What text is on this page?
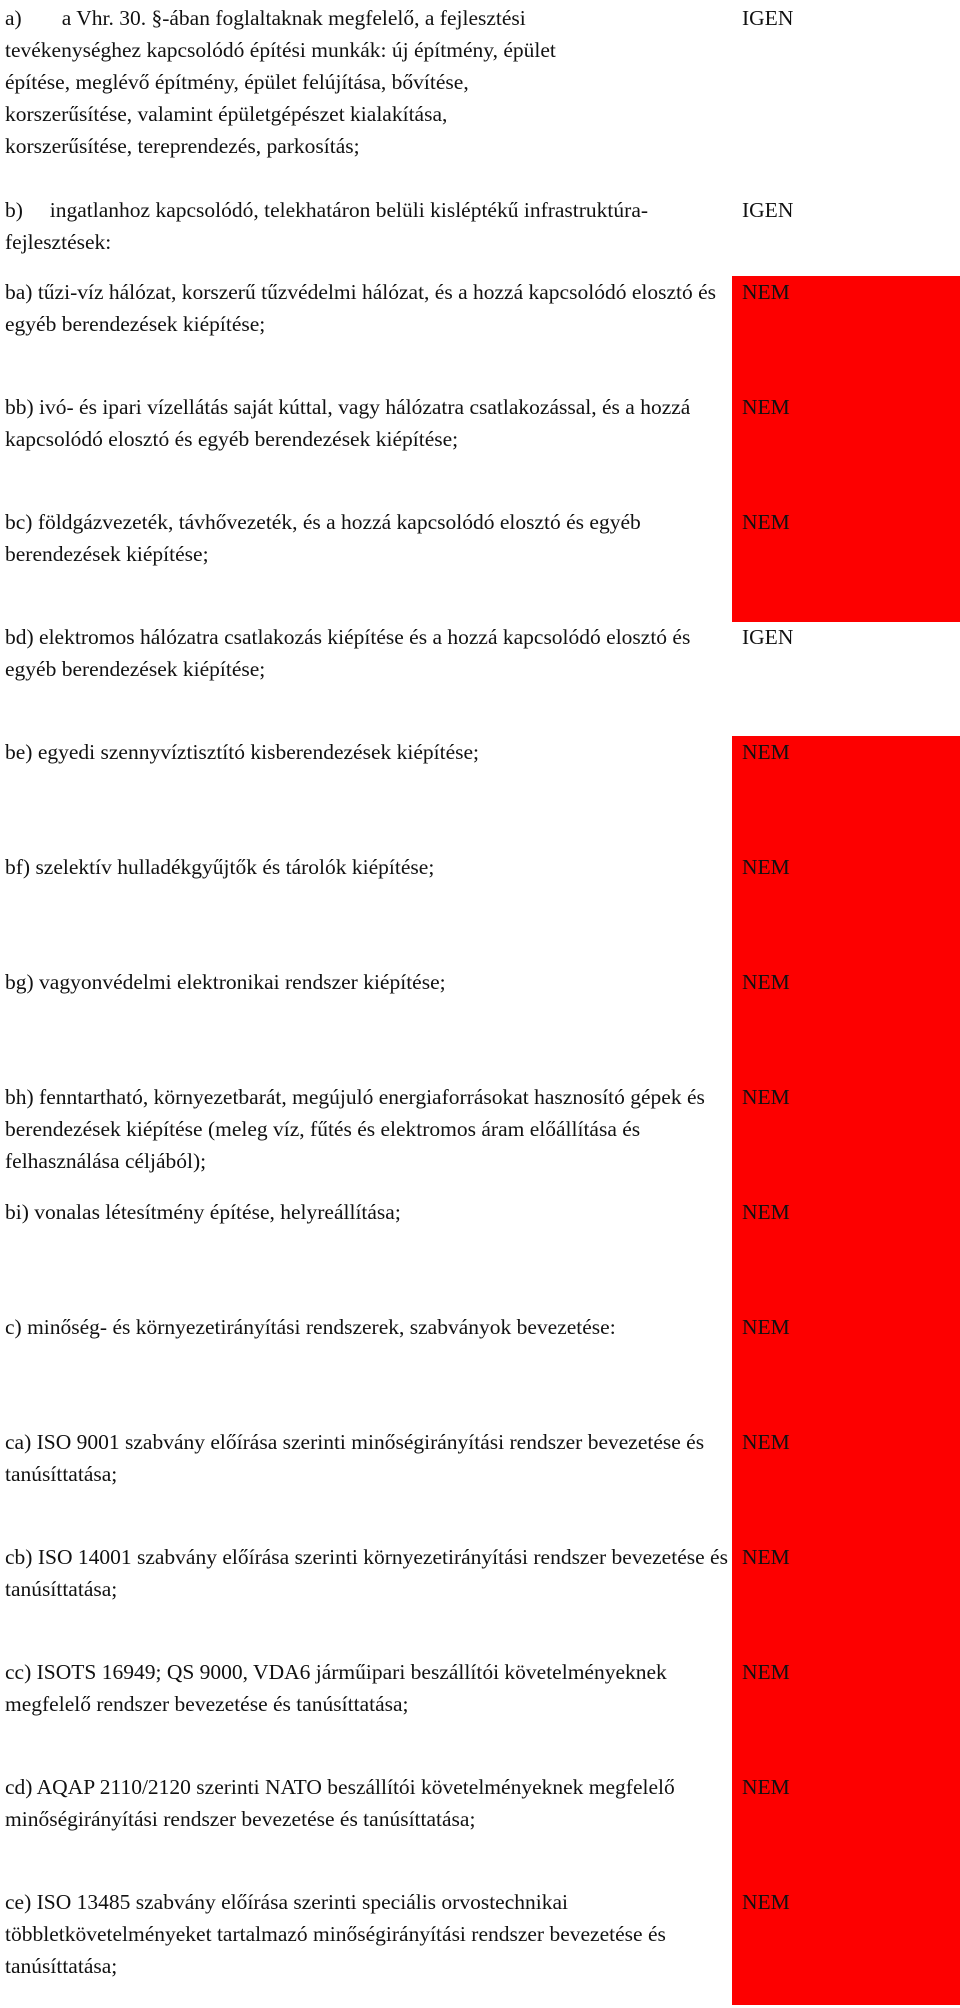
a) a Vhr. 30. §-ában foglaltaknak megfelelő, a fejlesztési
tevékenységhez kapcsolódó építési munkák: új építmény, épület
építése, meglévő építmény, épület felújítása, bővítése,
korszerűsítése, valamint épületgépészet kialakítása,
korszerűsítése, tereprendezés, parkosítás;
IGEN
b)     ingatlanhoz kapcsolódó, telekhatáron belüli kisléptékű infrastruktúra-fejlesztések:
IGEN
ba) tűzi-víz hálózat, korszerű tűzvédelmi hálózat, és a hozzá kapcsolódó elosztó és egyéb berendezések kiépítése;
NEM
bb) ivó- és ipari vízellátás saját kúttal, vagy hálózatra csatlakozással, és a hozzá kapcsolódó elosztó és egyéb berendezések kiépítése;
NEM
bc) földgázvezeték, távhővezeték, és a hozzá kapcsolódó elosztó és egyéb berendezések kiépítése;
NEM
bd) elektromos hálózatra csatlakozás kiépítése és a hozzá kapcsolódó elosztó és egyéb berendezések kiépítése;
IGEN
be) egyedi szennyvíztisztító kisberendezések kiépítése;	NEM
bf) szelektív hulladékgyűjtők és tárolók kiépítése;	NEM
bg) vagyonvédelmi elektronikai rendszer kiépítése;	NEM
bh) fenntartható, környezetbarát, megújuló energiaforrásokat hasznosító gépek és berendezések kiépítése (meleg víz, fűtés és elektromos áram előállítása és felhasználása céljából);
NEM
bi) vonalas létesítmény építése, helyreállítása;	NEM
c) minőség- és környezetirányítási rendszerek, szabványok bevezetése:	NEM
ca) ISO 9001 szabvány előírása szerinti minőségirányítási rendszer bevezetése és tanúsíttatása;
NEM
cb) ISO 14001 szabvány előírása szerinti környezetirányítási rendszer bevezetése és tanúsíttatása;
NEM
cc) ISOTS 16949; QS 9000, VDA6 járműipari beszállítói követelményeknek megfelelő rendszer bevezetése és tanúsíttatása;
NEM
cd) AQAP 2110/2120 szerinti NATO beszállítói követelményeknek megfelelő minőségirányítási rendszer bevezetése és tanúsíttatása;
NEM
ce) ISO 13485 szabvány előírása szerinti speciális orvostechnikai többletkövetelményeket tartalmazó minőségirányítási rendszer bevezetése és tanúsíttatása;
NEM
